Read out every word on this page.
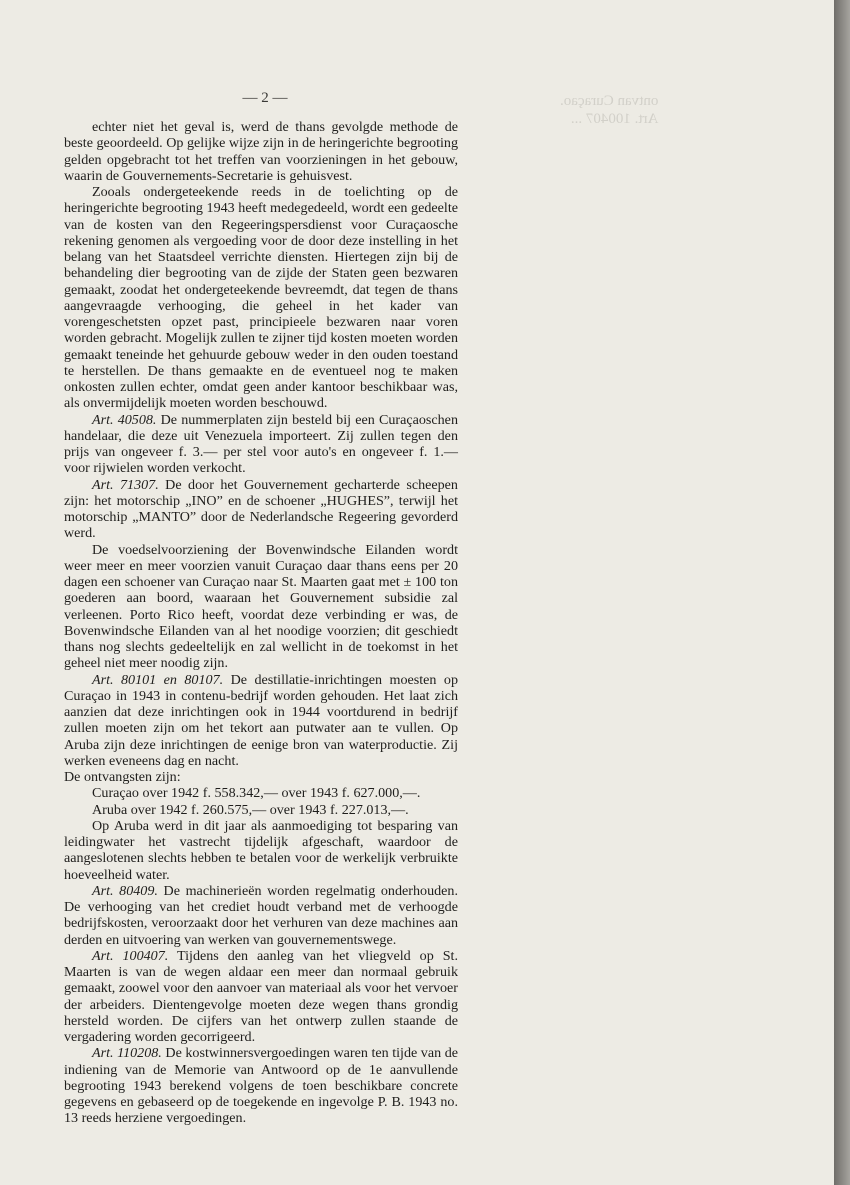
ontvan Curaçao.
Art. 100407 ...
— 2 —

echter niet het geval is, werd de thans gevolgde methode de beste geoordeeld. Op gelijke wijze zijn in de heringerichte begrooting gelden opgebracht tot het treffen van voorzieningen in het gebouw, waarin de Gouvernements-Secretarie is gehuisvest.

Zooals ondergeteekende reeds in de toelichting op de heringerichte begrooting 1943 heeft medegedeeld, wordt een gedeelte van de kosten van den Regeeringspersdienst voor Curaçaosche rekening genomen als vergoeding voor de door deze instelling in het belang van het Staatsdeel verrichte diensten. Hiertegen zijn bij de behandeling dier begrooting van de zijde der Staten geen bezwaren gemaakt, zoodat het ondergeteekende bevreemdt, dat tegen de thans aangevraagde verhooging, die geheel in het kader van vorengeschetsten opzet past, principieele bezwaren naar voren worden gebracht. Mogelijk zullen te zijner tijd kosten moeten worden gemaakt teneinde het gehuurde gebouw weder in den ouden toestand te herstellen. De thans gemaakte en de eventueel nog te maken onkosten zullen echter, omdat geen ander kantoor beschikbaar was, als onvermijdelijk moeten worden beschouwd.

Art. 40508. De nummerplaten zijn besteld bij een Curaçaoschen handelaar, die deze uit Venezuela importeert. Zij zullen tegen den prijs van ongeveer f. 3.— per stel voor auto's en ongeveer f. 1.— voor rijwielen worden verkocht.

Art. 71307. De door het Gouvernement gecharterde scheepen zijn: het motorschip „INO” en de schoener „HUGHES”, terwijl het motorschip „MANTO” door de Nederlandsche Regeering gevorderd werd.

De voedselvoorziening der Bovenwindsche Eilanden wordt weer meer en meer voorzien vanuit Curaçao daar thans eens per 20 dagen een schoener van Curaçao naar St. Maarten gaat met ± 100 ton goederen aan boord, waaraan het Gouvernement subsidie zal verleenen. Porto Rico heeft, voordat deze verbinding er was, de Bovenwindsche Eilanden van al het noodige voorzien; dit geschiedt thans nog slechts gedeeltelijk en zal wellicht in de toekomst in het geheel niet meer noodig zijn.

Art. 80101 en 80107. De destillatie-inrichtingen moesten op Curaçao in 1943 in contenu-bedrijf worden gehouden. Het laat zich aanzien dat deze inrichtingen ook in 1944 voortdurend in bedrijf zullen moeten zijn om het tekort aan putwater aan te vullen. Op Aruba zijn deze inrichtingen de eenige bron van waterproductie. Zij werken eveneens dag en nacht.

De ontvangsten zijn:

Curaçao over 1942 f. 558.342,— over 1943 f. 627.000,—.

Aruba over 1942 f. 260.575,— over 1943 f. 227.013,—.

Op Aruba werd in dit jaar als aanmoediging tot besparing van leidingwater het vastrecht tijdelijk afgeschaft, waardoor de aangeslotenen slechts hebben te betalen voor de werkelijk verbruikte hoeveelheid water.

Art. 80409. De machinerieën worden regelmatig onderhouden. De verhooging van het crediet houdt verband met de verhoogde bedrijfskosten, veroorzaakt door het verhuren van deze machines aan derden en uitvoering van werken van gouvernementswege.

Art. 100407. Tijdens den aanleg van het vliegveld op St. Maarten is van de wegen aldaar een meer dan normaal gebruik gemaakt, zoowel voor den aanvoer van materiaal als voor het vervoer der arbeiders. Dientengevolge moeten deze wegen thans grondig hersteld worden. De cijfers van het ontwerp zullen staande de vergadering worden gecorrigeerd.

Art. 110208. De kostwinnersvergoedingen waren ten tijde van de indiening van de Memorie van Antwoord op de 1e aanvullende begrooting 1943 berekend volgens de toen beschikbare concrete gegevens en gebaseerd op de toegekende en ingevolge P. B. 1943 no. 13 reeds herziene vergoedingen.
